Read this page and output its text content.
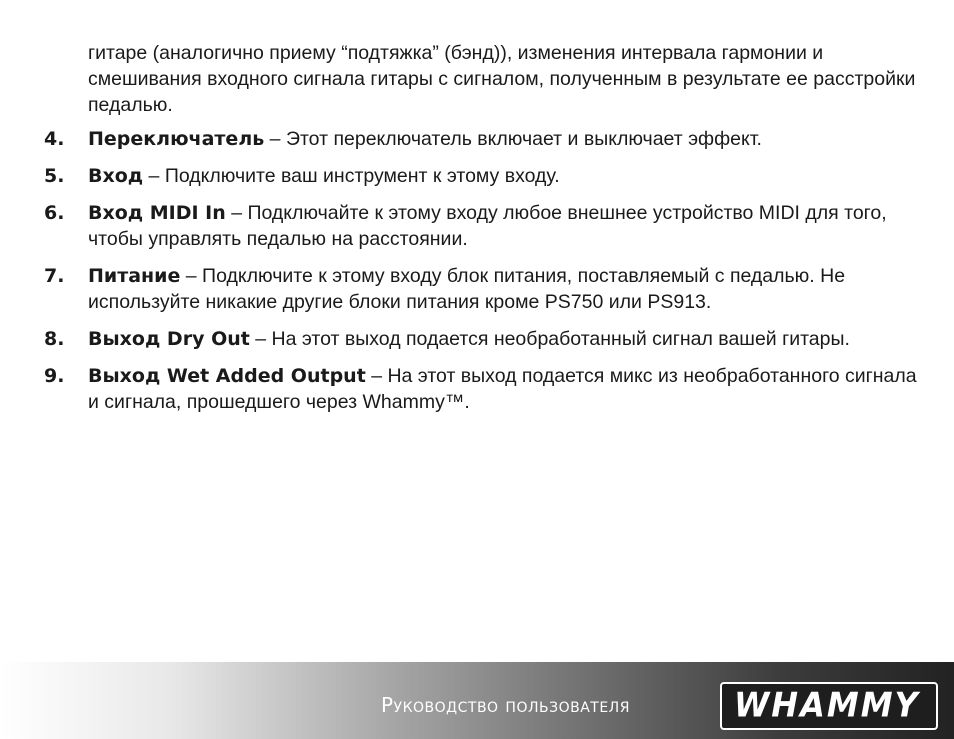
гитаре (аналогично приему “подтяжка” (бэнд)), изменения интервала гармонии и смешивания входного сигнала гитары с сигналом, полученным в результате ее расстройки педалью.

4. Переключатель – Этот переключатель включает и выключает эффект.
5. Вход – Подключите ваш инструмент к этому входу.
6. Вход MIDI In – Подключайте к этому входу любое внешнее устройство MIDI для того, чтобы управлять педалью на расстоянии.
7. Питание – Подключите к этому входу блок питания, поставляемый с педалью. Не используйте никакие другие блоки питания кроме PS750 или PS913.
8. Выход Dry Out – На этот выход подается необработанный сигнал вашей гитары.
9. Выход Wet Added Output – На этот выход подается микс из необработанного сигнала и сигнала, прошедшего через Whammy™.
Руководство пользователя	WHAMMY
